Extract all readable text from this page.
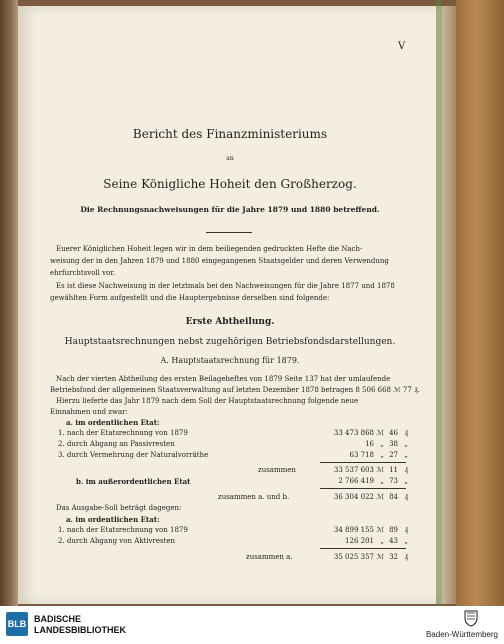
V
Bericht des Finanzministeriums
an
Seine Königliche Hoheit den Großherzog.
Die Rechnungsnachweisungen für die Jahre 1879 und 1880 betreffend.
Euerer Königlichen Hoheit legen wir in dem beiliegenden gedruckten Hefte die Nach-
weisung der in den Jahren 1879 und 1880 eingegangenen Staatsgelder und deren Verwendung
ehrfurchtsvoll vor.
Es ist diese Nachweisung in der letztmals bei den Nachweisungen für die Jahre 1877 und 1878
gewählten Form aufgestellt und die Hauptergebnisse derselben sind folgende:
Erste Abtheilung.
Hauptstaatsrechnungen nebst zugehörigen Betriebsfondsdarstellungen.
A. Hauptstaatsrechnung für 1879.
Nach der vierten Abtheilung des ersten Beilageheftes von 1879 Seite 137 hat der umlaufende
Betriebsfond der allgemeinen Staatsverwaltung auf letzten Dezember 1878 betragen 8 506 668 ℳ 77 ₰.
Hierzu lieferte das Jahr 1879 nach dem Soll der Hauptstaatsrechnung folgende neue
Einnahmen und zwar:
a. im ordentlichen Etat:
1. nach der Etatsrechnung von 1879	33 473 868 ℳ 46 ₰
2. durch Abgang an Passivresten	16 „ 38 „
3. durch Vermehrung der Naturalvorräthe	63 718 „ 27 „
zusammen	33 537 603 ℳ 11 ₰
b. im außerordentlichen Etat	2 766 419 „ 73 „
zusammen a. und b.	36 304 022 ℳ 84 ₰
Das Ausgabe-Soll beträgt dagegen:
a. im ordentlichen Etat:
1. nach der Etatsrechnung von 1879	34 899 155 ℳ 89 ₰
2. durch Abgang von Aktivresten	126 201 „ 43 „
zusammen a.	35 025 357 ℳ 32 ₰
BLB BADISCHE
LANDESBIBLIOTHEK	Baden-Württemberg
